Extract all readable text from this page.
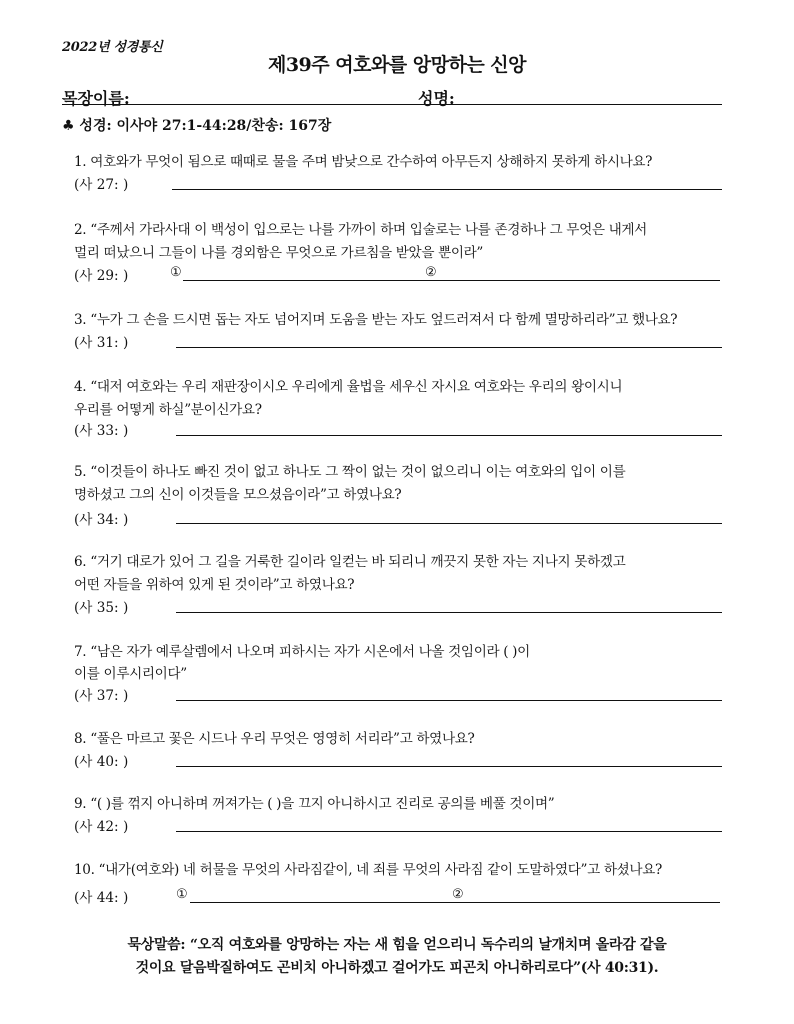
2022년 성경통신
제39주 여호와를 앙망하는 신앙
목장이름:	성명:
♣ 성경: 이사야 27:1-44:28/찬송: 167장
1. 여호와가 무엇이 됨으로 때때로 물을 주며 밤낮으로 간수하여 아무든지 상해하지 못하게 하시나요?
(사 27: )
2. “주께서 가라사대 이 백성이 입으로는 나를 가까이 하며 입술로는 나를 존경하나 그 무엇은 내게서
멀리 떠났으니 그들이 나를 경외함은 무엇으로 가르침을 받았을 뿐이라”
(사 29: )	①	②
3. “누가 그 손을 드시면 돕는 자도 넘어지며 도움을 받는 자도 엎드러져서 다 함께 멸망하리라”고 했나요?
(사 31: )
4. “대저 여호와는 우리 재판장이시오 우리에게 율법을 세우신 자시요 여호와는 우리의 왕이시니
우리를 어떻게 하실”분이신가요?
(사 33: )
5. “이것들이 하나도 빠진 것이 없고 하나도 그 짝이 없는 것이 없으리니 이는 여호와의 입이 이를
명하셨고 그의 신이 이것들을 모으셨음이라”고 하였나요?
(사 34: )
6. “거기 대로가 있어 그 길을 거룩한 길이라 일컫는 바 되리니 깨끗지 못한 자는 지나지 못하겠고
어떤 자들을 위하여 있게 된 것이라”고 하였나요?
(사 35: )
7. “남은 자가 예루살렘에서 나오며 피하시는 자가 시온에서 나올 것임이라 ( )이
이를 이루시리이다”
(사 37: )
8. “풀은 마르고 꽃은 시드나 우리 무엇은 영영히 서리라”고 하였나요?
(사 40: )
9. “( )를 꺾지 아니하며 꺼져가는 ( )을 끄지 아니하시고 진리로 공의를 베풀 것이며”
(사 42: )
10. “내가(여호와) 네 허물을 무엇의 사라짐같이, 네 죄를 무엇의 사라짐 같이 도말하였다”고 하셨나요?
(사 44: )	①	②
묵상말씀: “오직 여호와를 앙망하는 자는 새 힘을 얻으리니 독수리의 날개치며 올라감 같을
것이요 달음박질하여도 곤비치 아니하겠고 걸어가도 피곤치 아니하리로다”(사 40:31).
